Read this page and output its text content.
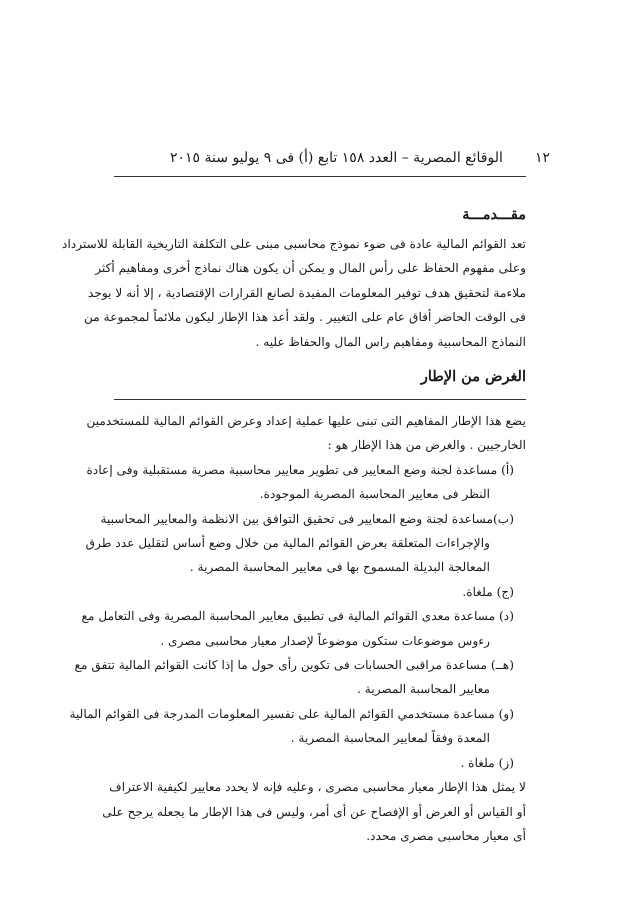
١٢
الوقائع المصرية – العدد ١٥٨ تابع (أ) فى ٩ يوليو سنة ٢٠١٥
مقـــدمـــة
تعد القوائم المالية عادة فى ضوء نموذج محاسبى مبنى على التكلفة التاريخية القابلة للاسترداد
وعلى مفهوم الحفاظ على رأس المال و يمكن أن يكون هناك نماذج أخرى ومفاهيم أكثر
ملاءمة لتحقيق هدف توفير المعلومات المفيدة لصانع القرارات الإقتصادية ، إلا أنه لا يوجد
فى الوقت الحاضر أفاق عام على التغيير . ولقد أعد هذا الإطار ليكون ملائماً لمجموعة من
النماذج المحاسبية ومفاهيم راس المال والحفاظ عليه .
الغرض من الإطار
يضع هذا الإطار المفاهيم التى تبنى عليها عملية إعداد وعرض القوائم المالية للمستخدمين
الخارجيين . والغرض من هذا الإطار هو :
(أ) مساعدة لجنة وضع المعايير فى تطوير معايير محاسبية مصرية مستقبلية وفى إعادة
النظر فى معايير المحاسبة المصرية الموجودة.
(ب)مساعدة لجنة وضع المعايير فى تحقيق التوافق بين الانظمة والمعايير المحاسبية
والإجراءات المتعلقة بعرض القوائم المالية من خلال وضع أساس لتقليل عدد طرق
المعالجة البديلة المسموح بها فى معايير المحاسبة المصرية .
(ج) ملغاة.
(د) مساعدة معدى القوائم المالية فى تطبيق معايير المحاسبة المصرية وفى التعامل مع
رءوس موضوعات ستكون موضوعاً لإصدار معيار محاسبى مصرى .
(هــ) مساعدة مراقبى الحسابات فى تكوين رأى حول ما إذا كانت القوائم المالية تتفق مع
معايير المحاسبة المصرية .
(و) مساعدة مستخدمي القوائم المالية على تفسير المعلومات المدرجة فى القوائم المالية
المعدة وفقاً لمعايير المحاسبة المصرية .
(ز) ملغاة .
لا يمثل هذا الإطار معيار محاسبى مصرى ، وعليه فإنه لا يحدد معايير لكيفية الاعتراف
أو القياس أو العرض أو الإفصاح عن أى أمر، وليس فى هذا الإطار ما يجعله يرجح على
أى معيار محاسبى مصرى محدد.
